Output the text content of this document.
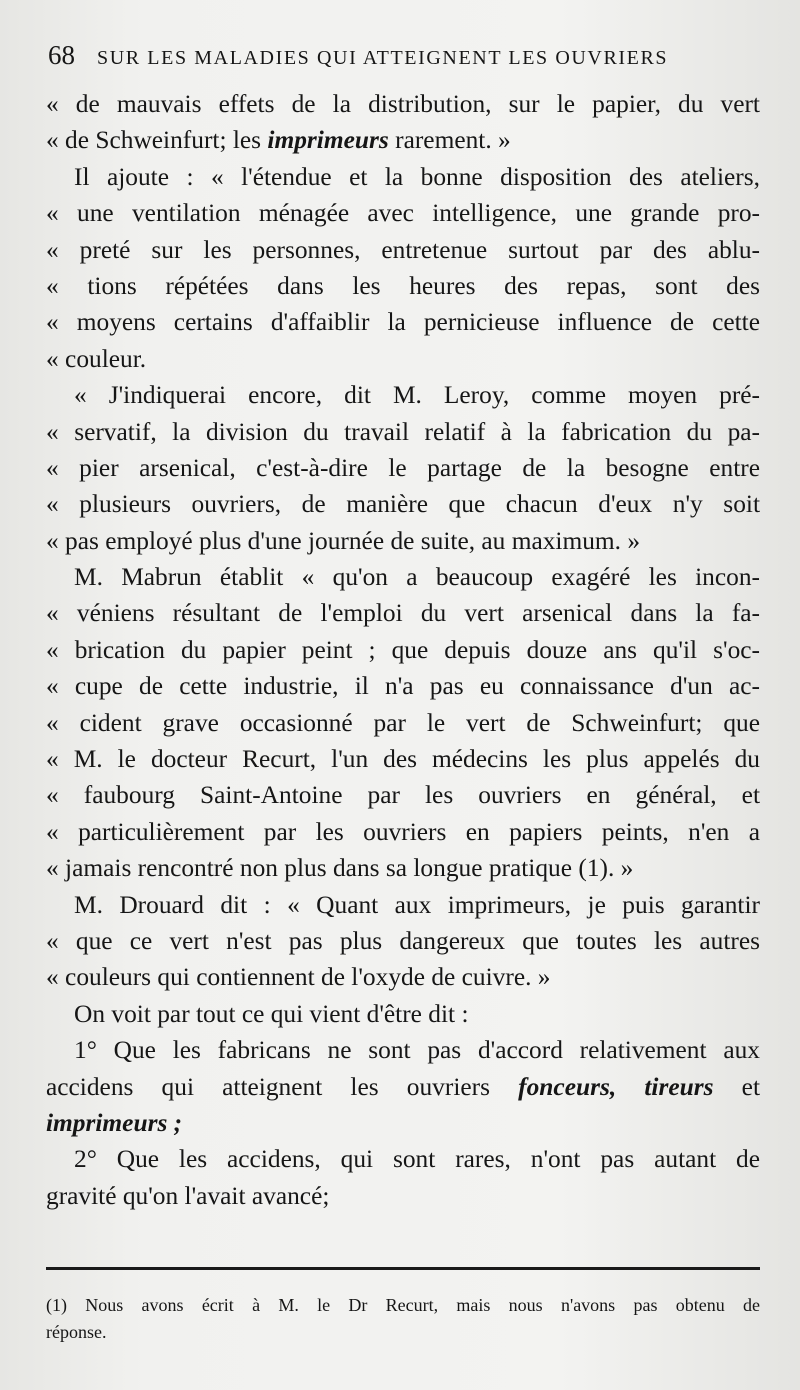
68 SUR LES MALADIES QUI ATTEIGNENT LES OUVRIERS
« de mauvais effets de la distribution, sur le papier, du vert
« de Schweinfurt; les imprimeurs rarement. »
Il ajoute : « l'étendue et la bonne disposition des ateliers,
« une ventilation ménagée avec intelligence, une grande pro-
« preté sur les personnes, entretenue surtout par des ablu-
« tions répétées dans les heures des repas, sont des
« moyens certains d'affaiblir la pernicieuse influence de cette
« couleur.
« J'indiquerai encore, dit M. Leroy, comme moyen pré-
« servatif, la division du travail relatif à la fabrication du pa-
« pier arsenical, c'est-à-dire le partage de la besogne entre
« plusieurs ouvriers, de manière que chacun d'eux n'y soit
« pas employé plus d'une journée de suite, au maximum. »
M. Mabrun établit « qu'on a beaucoup exagéré les incon-
« véniens résultant de l'emploi du vert arsenical dans la fa-
« brication du papier peint ; que depuis douze ans qu'il s'oc-
« cupe de cette industrie, il n'a pas eu connaissance d'un ac-
« cident grave occasionné par le vert de Schweinfurt; que
« M. le docteur Recurt, l'un des médecins les plus appelés du
« faubourg Saint-Antoine par les ouvriers en général, et
« particulièrement par les ouvriers en papiers peints, n'en a
« jamais rencontré non plus dans sa longue pratique (1). »
M. Drouard dit : « Quant aux imprimeurs, je puis garantir
« que ce vert n'est pas plus dangereux que toutes les autres
« couleurs qui contiennent de l'oxyde de cuivre. »
On voit par tout ce qui vient d'être dit :
1° Que les fabricans ne sont pas d'accord relativement aux
accidens qui atteignent les ouvriers fonceurs, tireurs et
imprimeurs ;
2° Que les accidens, qui sont rares, n'ont pas autant de
gravité qu'on l'avait avancé;
(1) Nous avons écrit à M. le Dr Recurt, mais nous n'avons pas obtenu de
réponse.
